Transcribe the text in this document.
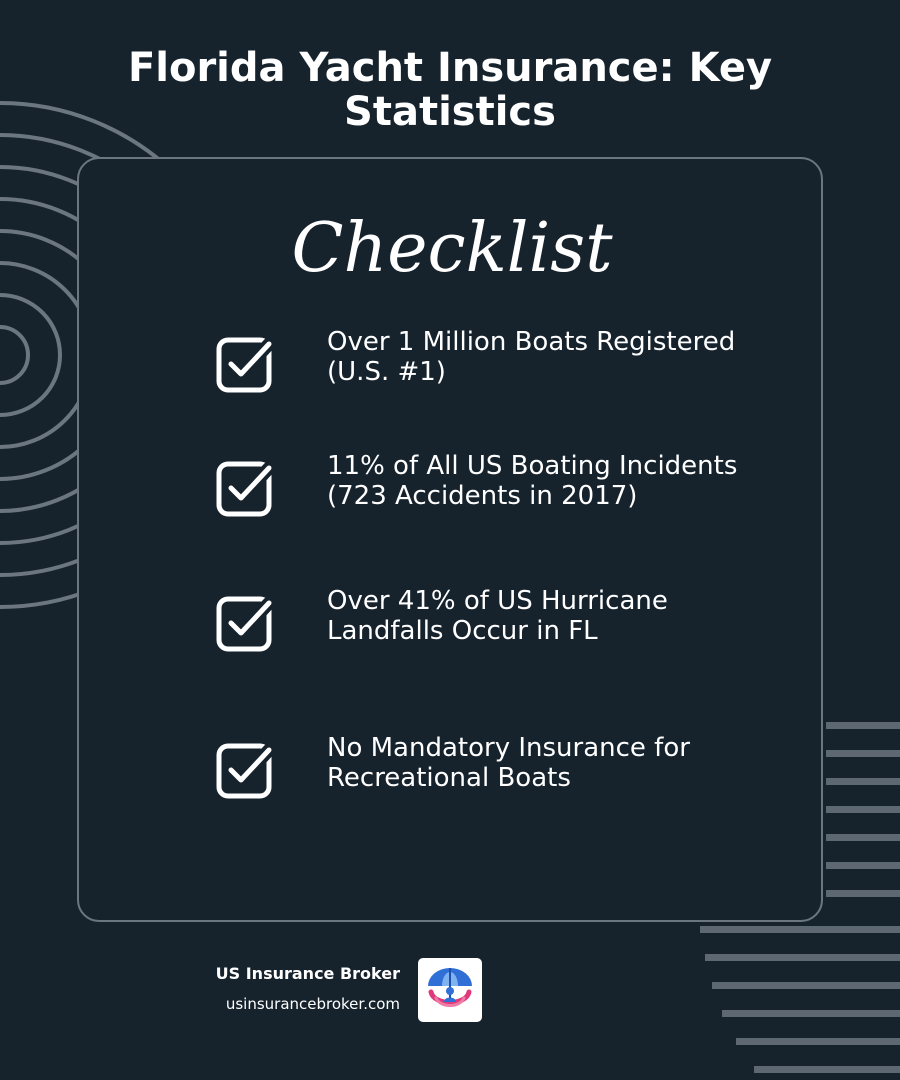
Florida Yacht Insurance: Key Statistics
Checklist
Over 1 Million Boats Registered (U.S. #1)
11% of All US Boating Incidents (723 Accidents in 2017)
Over 41% of US Hurricane Landfalls Occur in FL
No Mandatory Insurance for Recreational Boats
US Insurance Broker
usinsurancebroker.com
